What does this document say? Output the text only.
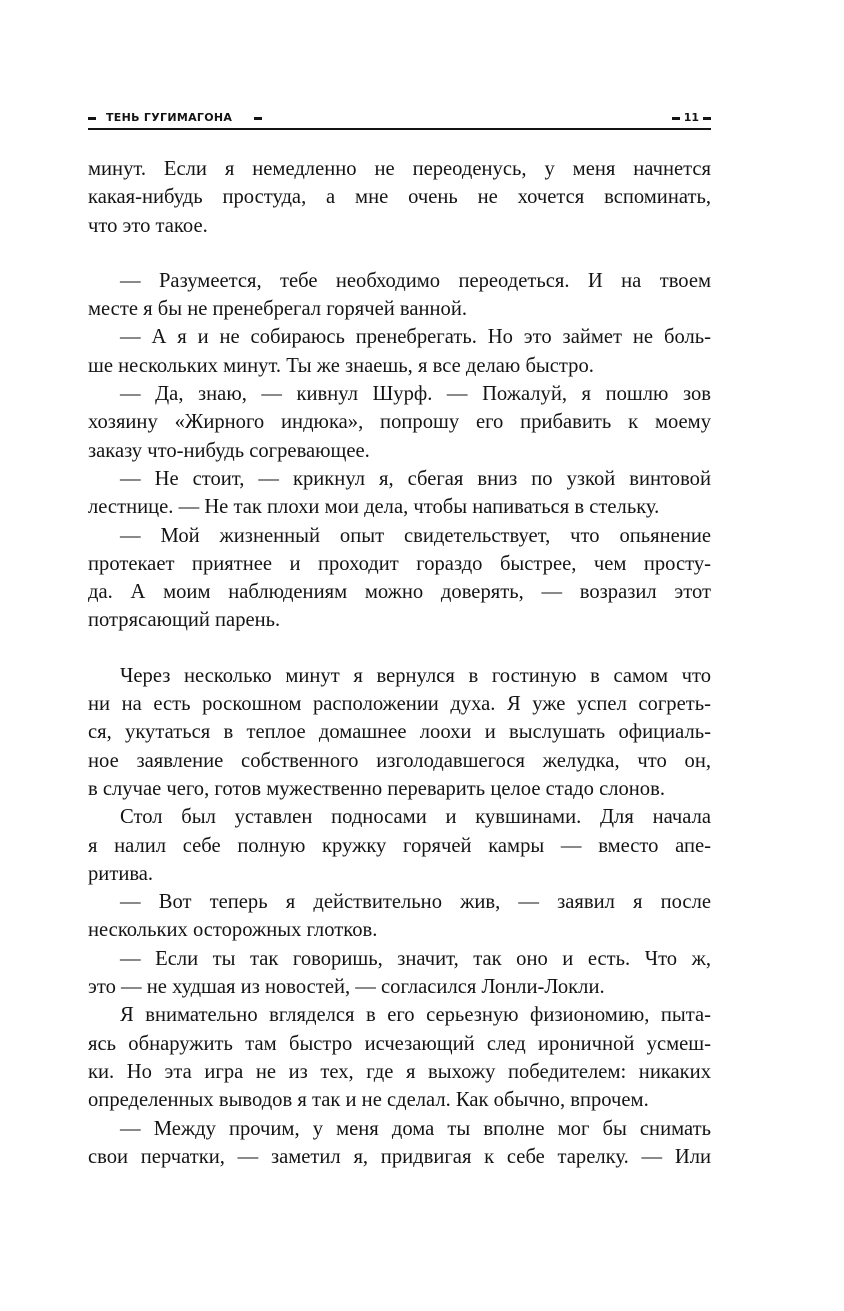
ТЕНЬ ГУГИМАГОНА	11

минут. Если я немедленно не переоденусь, у меня начнется

какая-нибудь простуда, а мне очень не хочется вспоминать,

что это такое.

— Разумеется, тебе необходимо переодеться. И на твоем

месте я бы не пренебрегал горячей ванной.

— А я и не собираюсь пренебрегать. Но это займет не боль-

ше нескольких минут. Ты же знаешь, я все делаю быстро.

— Да, знаю, — кивнул Шурф. — Пожалуй, я пошлю зов

хозяину «Жирного индюка», попрошу его прибавить к моему

заказу что-нибудь согревающее.

— Не стоит, — крикнул я, сбегая вниз по узкой винтовой

лестнице. — Не так плохи мои дела, чтобы напиваться в стельку.

— Мой жизненный опыт свидетельствует, что опьянение

протекает приятнее и проходит гораздо быстрее, чем просту-

да. А моим наблюдениям можно доверять, — возразил этот

потрясающий парень.

Через несколько минут я вернулся в гостиную в самом что

ни на есть роскошном расположении духа. Я уже успел согреть-

ся, укутаться в теплое домашнее лоохи и выслушать официаль-

ное заявление собственного изголодавшегося желудка, что он,

в случае чего, готов мужественно переварить целое стадо слонов.

Стол был уставлен подносами и кувшинами. Для начала

я налил себе полную кружку горячей камры — вместо апе-

ритива.

— Вот теперь я действительно жив, — заявил я после

нескольких осторожных глотков.

— Если ты так говоришь, значит, так оно и есть. Что ж,

это — не худшая из новостей, — согласился Лонли-Локли.

Я внимательно вгляделся в его серьезную физиономию, пыта-

ясь обнаружить там быстро исчезающий след ироничной усмеш-

ки. Но эта игра не из тех, где я выхожу победителем: никаких

определенных выводов я так и не сделал. Как обычно, впрочем.

— Между прочим, у меня дома ты вполне мог бы снимать

свои перчатки, — заметил я, придвигая к себе тарелку. — Или
